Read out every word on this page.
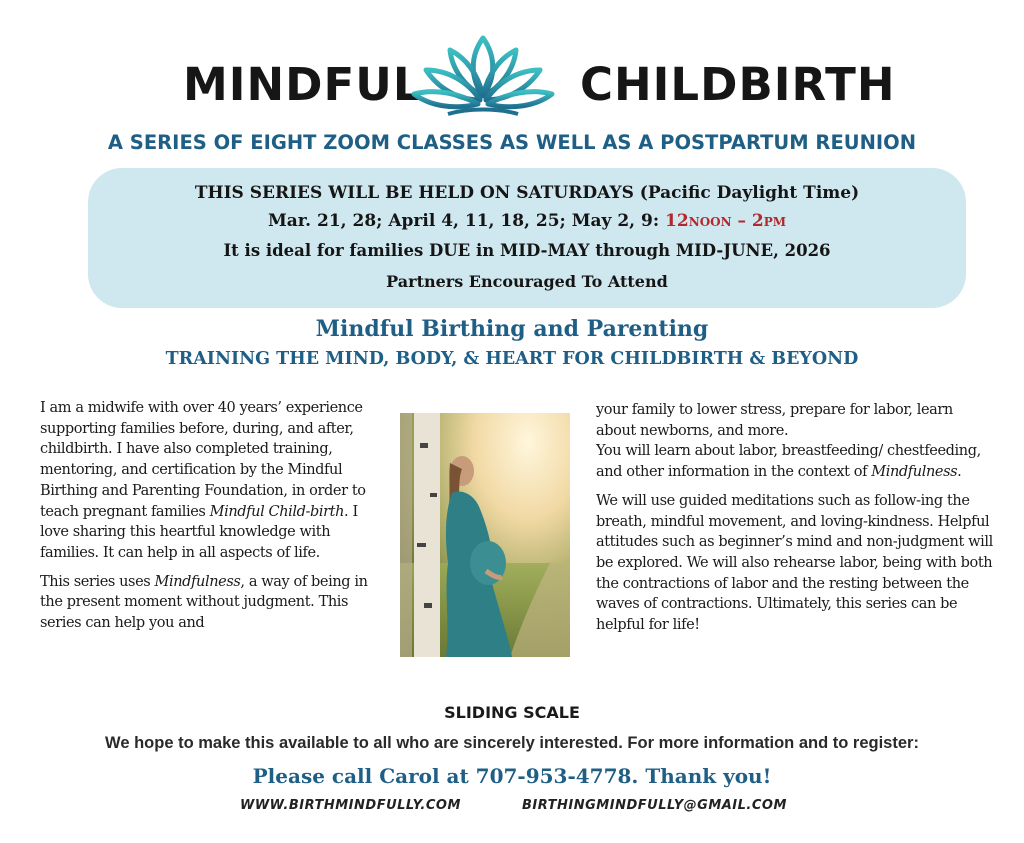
MINDFUL	CHILDBIRTH
A SERIES OF EIGHT ZOOM CLASSES AS WELL AS A POSTPARTUM REUNION
THIS SERIES WILL BE HELD ON SATURDAYS (Pacific Daylight Time)
Mar. 21, 28; April 4, 11, 18, 25; May 2, 9: 12NOON – 2PM
It is ideal for families DUE in MID-MAY through MID-JUNE, 2026
Partners Encouraged To Attend
Mindful Birthing and Parenting
TRAINING THE MIND, BODY, & HEART FOR CHILDBIRTH & BEYOND

I am a midwife with over 40 years’ experience supporting families before, during, and after, childbirth. I have also completed training, mentoring, and certification by the Mindful Birthing and Parenting Foundation, in order to teach pregnant families Mindful Child-birth. I love sharing this heartful knowledge with families. It can help in all aspects of life.

This series uses Mindfulness, a way of being in the present moment without judgment. This series can help you and

your family to lower stress, prepare for labor, learn about newborns, and more.
You will learn about labor, breastfeeding/ chestfeeding, and other information in the context of Mindfulness.

We will use guided meditations such as follow-ing the breath, mindful movement, and loving-kindness. Helpful attitudes such as beginner’s mind and non-judgment will be explored. We will also rehearse labor, being with both the contractions of labor and the resting between the waves of contractions. Ultimately, this series can be helpful for life!

SLIDING SCALE
We hope to make this available to all who are sincerely interested. For more information and to register:
Please call Carol at 707-953-4778. Thank you!
WWW.BIRTHMINDFULLY.COM	BIRTHINGMINDFULLY@GMAIL.COM
